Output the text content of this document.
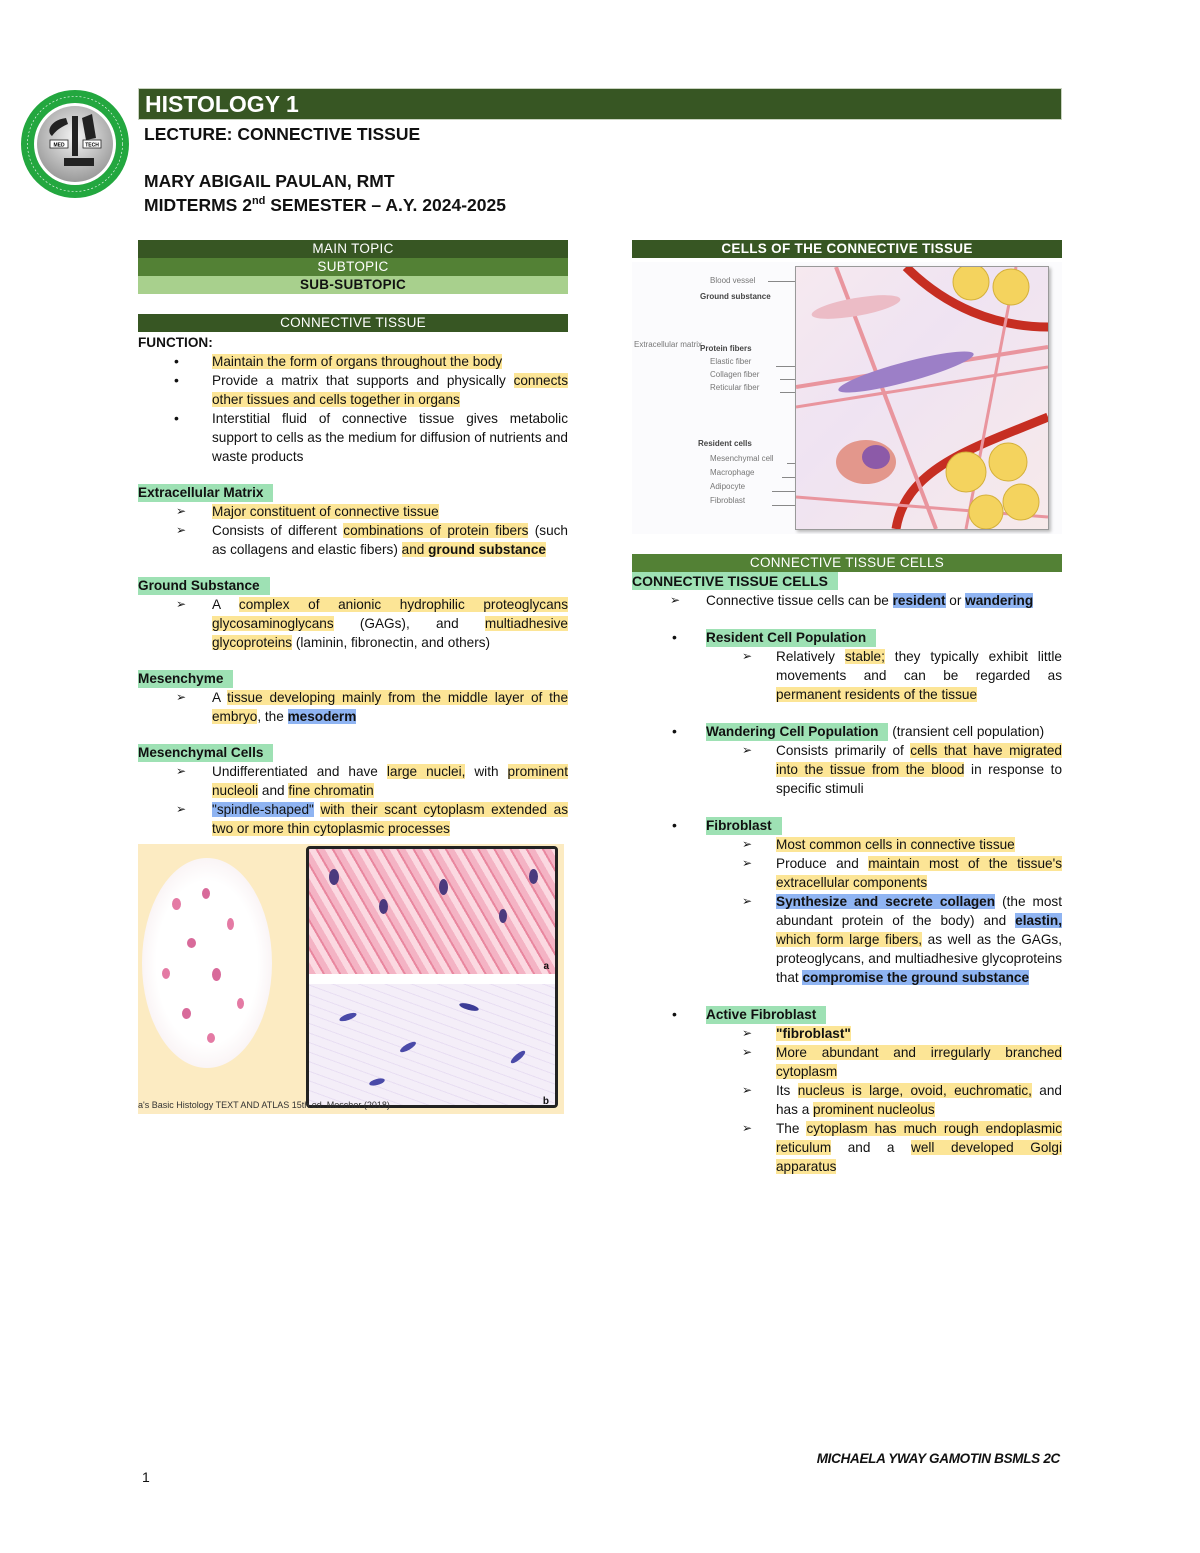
MED	TECH
HISTOLOGY 1
LECTURE: CONNECTIVE TISSUE
MARY ABIGAIL PAULAN, RMT
MIDTERMS 2nd SEMESTER – A.Y. 2024-2025
MAIN TOPIC
SUBTOPIC
SUB-SUBTOPIC
CONNECTIVE TISSUE
FUNCTION:
• Maintain the form of organs throughout the body
• Provide a matrix that supports and physically connects other tissues and cells together in organs
• Interstitial fluid of connective tissue gives metabolic support to cells as the medium for diffusion of nutrients and waste products
Extracellular Matrix
➢ Major constituent of connective tissue
➢ Consists of different combinations of protein fibers (such as collagens and elastic fibers) and ground substance
Ground Substance
➢ A complex of anionic hydrophilic proteoglycans glycosaminoglycans (GAGs), and multiadhesive glycoproteins (laminin, fibronectin, and others)
Mesenchyme
➢ A tissue developing mainly from the middle layer of the embryo, the mesoderm
Mesenchymal Cells
➢ Undifferentiated and have large nuclei, with prominent nucleoli and fine chromatin
➢ "spindle-shaped" with their scant cytoplasm extended as two or more thin cytoplasmic processes
a
b
a's Basic Histology TEXT AND ATLAS 15th ed. Mescher (2018)
CELLS OF THE CONNECTIVE TISSUE
Extracellular matrix
Blood vessel
Ground substance
Protein fibers
Elastic fiber
Collagen fiber
Reticular fiber
Resident cells
Mesenchymal cell
Macrophage
Adipocyte
Fibroblast
CONNECTIVE TISSUE CELLS
CONNECTIVE TISSUE CELLS
➢ Connective tissue cells can be resident or wandering
• Resident Cell Population
➢ Relatively stable; they typically exhibit little movements and can be regarded as permanent residents of the tissue
• Wandering Cell Population (transient cell population)
➢ Consists primarily of cells that have migrated into the tissue from the blood in response to specific stimuli
• Fibroblast
➢ Most common cells in connective tissue
➢ Produce and maintain most of the tissue's extracellular components
➢ Synthesize and secrete collagen (the most abundant protein of the body) and elastin, which form large fibers, as well as the GAGs, proteoglycans, and multiadhesive glycoproteins that compromise the ground substance
• Active Fibroblast
➢ "fibroblast"
➢ More abundant and irregularly branched cytoplasm
➢ Its nucleus is large, ovoid, euchromatic, and has a prominent nucleolus
➢ The cytoplasm has much rough endoplasmic reticulum and a well developed Golgi apparatus
MICHAELA YWAY GAMOTIN BSMLS 2C
1
